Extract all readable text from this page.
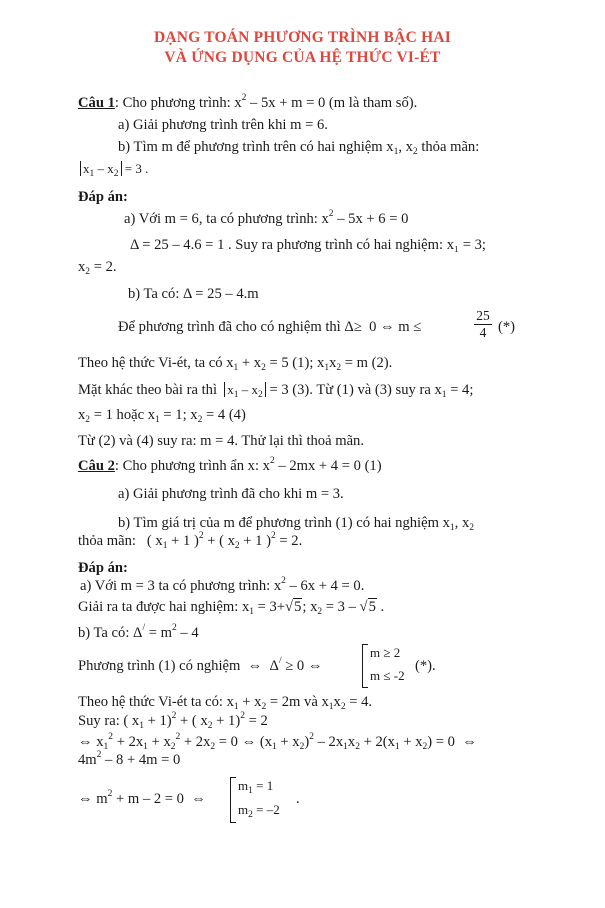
DẠNG TOÁN PHƯƠNG TRÌNH BẬC HAI
VÀ ỨNG DỤNG CỦA HỆ THỨC VI-ÉT
Câu 1: Cho phương trình: $x^2 - 5x + m = 0$ (m là tham số).
a) Giải phương trình trên khi m = 6.
b) Tìm m để phương trình trên có hai nghiệm $x_1$, $x_2$ thỏa mãn:
$x_1 - x_2 = 3$ .
Đáp án:
a) Với m = 6, ta có phương trình: $x^2 - 5x + 6 = 0$
Δ = 25 – 4.6 = 1 . Suy ra phương trình có hai nghiệm: x₁ = 3;
$x_2 = 2$.
b) Ta có: Δ = 25 – 4.m
Để phương trình đã cho có nghiệm thì Δ≥  0 ⇔ m ≤	$\frac{25}{4}$ (*)
Theo hệ thức Vi-ét, ta có $x_1 + x_2 = 5$ (1); $x_1x_2 = m$ (2).
Mặt khác theo bài ra thì  $x_1 - x_2 = 3$ (3). Từ (1) và (3) suy ra $x_1 = 4$;
$x_2 = 1$ hoặc $x_1 = 1$; $x_2 = 4$ (4)
Từ (2) và (4) suy ra: m = 4. Thử lại thì thoả mãn.
Câu 2: Cho phương trình ẩn x: $x^2 - 2mx + 4 = 0$ (1)
a) Giải phương trình đã cho khi m = 3.
b) Tìm giá trị của m để phương trình (1) có hai nghiệm $x_1$, $x_2$
thỏa mãn:   ( $x_1 + 1$ )$^2$ + ( $x_2 + 1$ )$^2$ = 2.
Đáp án:
a) Với m = 3 ta có phương trình: $x^2 - 6x + 4 = 0$.
Giải ra ta được hai nghiệm: $x_1 = 3+√5$; $x_2 = 3 - √5$ .
b) Ta có: $\Delta^/ = m^2 - 4$
Phương trình (1) có nghiệm  ⇔  Δ/ ≥ 0 ⇔
m ≥ 2
m ≤ -2
(*).
Theo hệ thức Vi-ét ta có: $x_1 + x_2 = 2m$ và $x_1x_2 = 4$.
Suy ra: ( $x_1 + 1)^2$ + ( $x_2 + 1)^2 = 2$
⇔ $x_1^2 + 2x_1 + x_2^2 + 2x_2 = 0$ ⇔ $(x_1 + x_2)^2 - 2x_1x_2 + 2(x_1 + x_2) = 0$  ⇔
$4m^2 - 8 + 4m = 0$
⇔ $m^2 + m - 2 = 0$  ⇔
$m_1 = 1$
$m_2 = -2$
.
